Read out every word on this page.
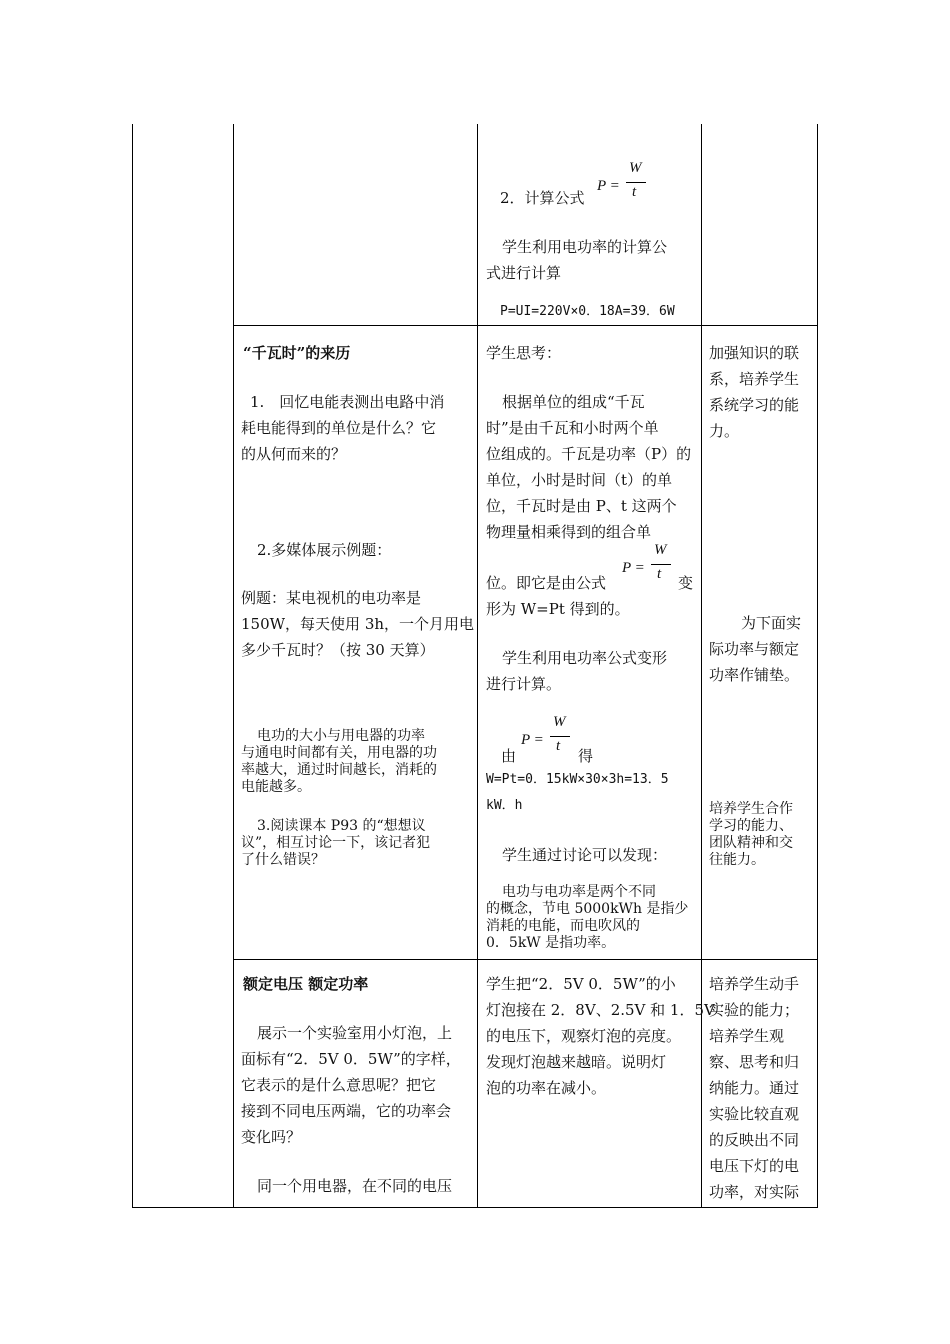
P =
W
t
2．计算公式
学生利用电功率的计算公
式进行计算
P=UI=220V×0．18A=39．6W
“千瓦时”的来历
1.　回忆电能表测出电路中消
耗电能得到的单位是什么？它
的从何而来的？
2.多媒体展示例题：
例题：某电视机的电功率是
150W，每天使用 3h，一个月用电
多少千瓦时？（按 30 天算）
电功的大小与用电器的功率
与通电时间都有关，用电器的功
率越大，通过时间越长，消耗的
电能越多。
3.阅读课本 P93 的“想想议
议”，相互讨论一下，该记者犯
了什么错误？
学生思考：
根据单位的组成“千瓦
时”是由千瓦和小时两个单
位组成的。千瓦是功率（P）的
单位，小时是时间（t）的单
位，千瓦时是由 P、t 这两个
物理量相乘得到的组合单
P =
W
t
位。即它是由公式	变
形为 W=Pt 得到的。
学生利用电功率公式变形
进行计算。
P =
W
t
由	得
W=Pt=0．15kW×30×3h=13．5
kW．h
学生通过讨论可以发现：
电功与电功率是两个不同
的概念，节电 5000kWh 是指少
消耗的电能，而电吹风的
0．5kW 是指功率。
加强知识的联
系，培养学生
系统学习的能
力。
为下面实
际功率与额定
功率作铺垫。
培养学生合作
学习的能力、
团队精神和交
往能力。
额定电压 额定功率
展示一个实验室用小灯泡，上
面标有“2．5V 0．5W”的字样，
它表示的是什么意思呢？把它
接到不同电压两端，它的功率会
变化吗？
同一个用电器，在不同的电压
学生把“2．5V 0．5W”的小
灯泡接在 2．8V、2.5V 和 1．5V
的电压下，观察灯泡的亮度。
发现灯泡越来越暗。说明灯
泡的功率在减小。
培养学生动手
实验的能力；
培养学生观
察、思考和归
纳能力。通过
实验比较直观
的反映出不同
电压下灯的电
功率，对实际
